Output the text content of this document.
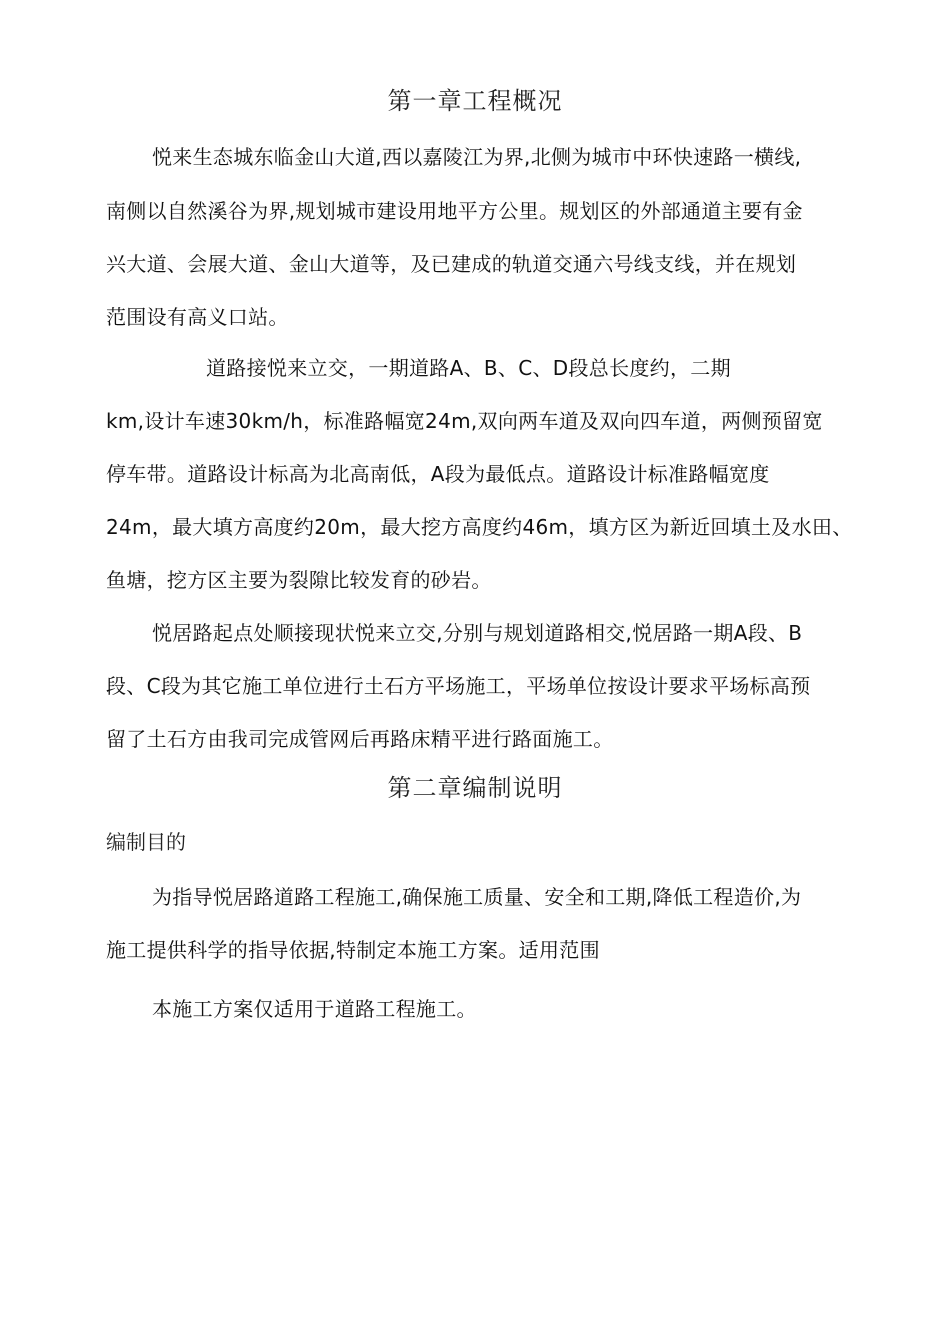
第一章工程概况
悦来生态城东临金山大道,西以嘉陵江为界,北侧为城市中环快速路一横线,
南侧以自然溪谷为界,规划城市建设用地平方公里。规划区的外部通道主要有金
兴大道、会展大道、金山大道等，及已建成的轨道交通六号线支线，并在规划
范围设有高义口站。
道路接悦来立交，一期道路A、B、C、D段总长度约，二期
km,设计车速30km/h，标准路幅宽24m,双向两车道及双向四车道，两侧预留宽
停车带。道路设计标高为北高南低，A段为最低点。道路设计标准路幅宽度
24m，最大填方高度约20m，最大挖方高度约46m，填方区为新近回填土及水田、
鱼塘，挖方区主要为裂隙比较发育的砂岩。
悦居路起点处顺接现状悦来立交,分别与规划道路相交,悦居路一期A段、B
段、C段为其它施工单位进行土石方平场施工，平场单位按设计要求平场标高预
留了土石方由我司完成管网后再路床精平进行路面施工。
第二章编制说明
编制目的
为指导悦居路道路工程施工,确保施工质量、安全和工期,降低工程造价,为
施工提供科学的指导依据,特制定本施工方案。适用范围
本施工方案仅适用于道路工程施工。
